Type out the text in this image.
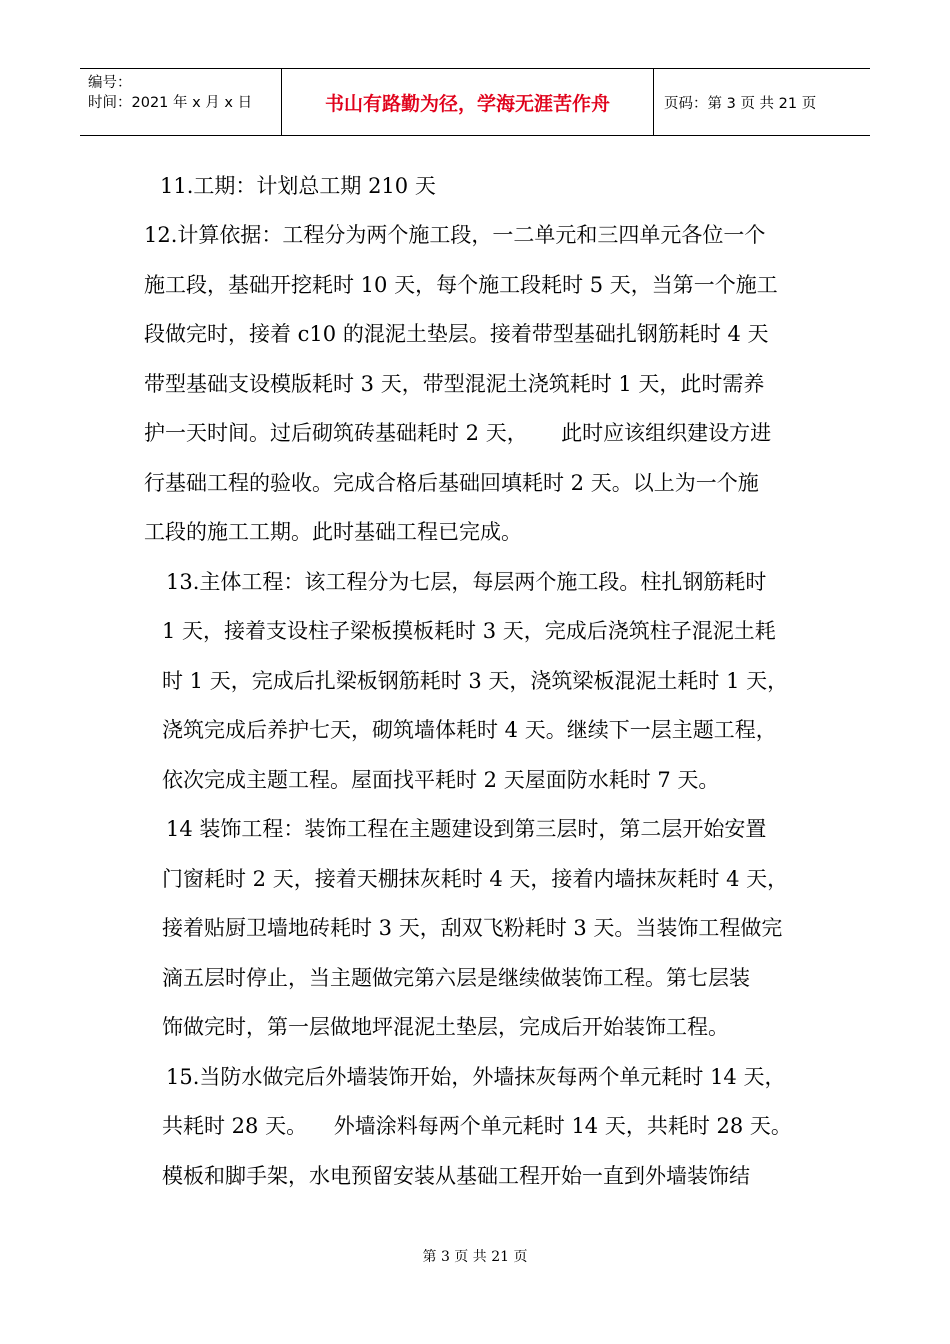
编号：
时间：2021 年 x 月 x 日	书山有路勤为径，学海无涯苦作舟	页码：第 3 页 共 21 页
11.工期：计划总工期 210 天
12.计算依据：工程分为两个施工段，一二单元和三四单元各位一个
施工段，基础开挖耗时 10 天，每个施工段耗时 5 天，当第一个施工
段做完时，接着 c10 的混泥土垫层。接着带型基础扎钢筋耗时 4 天
带型基础支设模版耗时 3 天，带型混泥土浇筑耗时 1 天，此时需养
护一天时间。过后砌筑砖基础耗时 2 天，     此时应该组织建设方进
行基础工程的验收。完成合格后基础回填耗时 2 天。以上为一个施
工段的施工工期。此时基础工程已完成。
13.主体工程：该工程分为七层，每层两个施工段。柱扎钢筋耗时
1 天，接着支设柱子梁板摸板耗时 3 天，完成后浇筑柱子混泥土耗
时 1 天，完成后扎梁板钢筋耗时 3 天，浇筑梁板混泥土耗时 1 天，
浇筑完成后养护七天，砌筑墙体耗时 4 天。继续下一层主题工程，
依次完成主题工程。屋面找平耗时 2 天屋面防水耗时 7 天。
14 装饰工程：装饰工程在主题建设到第三层时，第二层开始安置
门窗耗时 2 天，接着天棚抹灰耗时 4 天，接着内墙抹灰耗时 4 天，
接着贴厨卫墙地砖耗时 3 天，刮双飞粉耗时 3 天。当装饰工程做完
滴五层时停止，当主题做完第六层是继续做装饰工程。第七层装
饰做完时，第一层做地坪混泥土垫层，完成后开始装饰工程。
15.当防水做完后外墙装饰开始，外墙抹灰每两个单元耗时 14 天，
共耗时 28 天。    外墙涂料每两个单元耗时 14 天，共耗时 28 天。
模板和脚手架，水电预留安装从基础工程开始一直到外墙装饰结
第 3 页 共 21 页
